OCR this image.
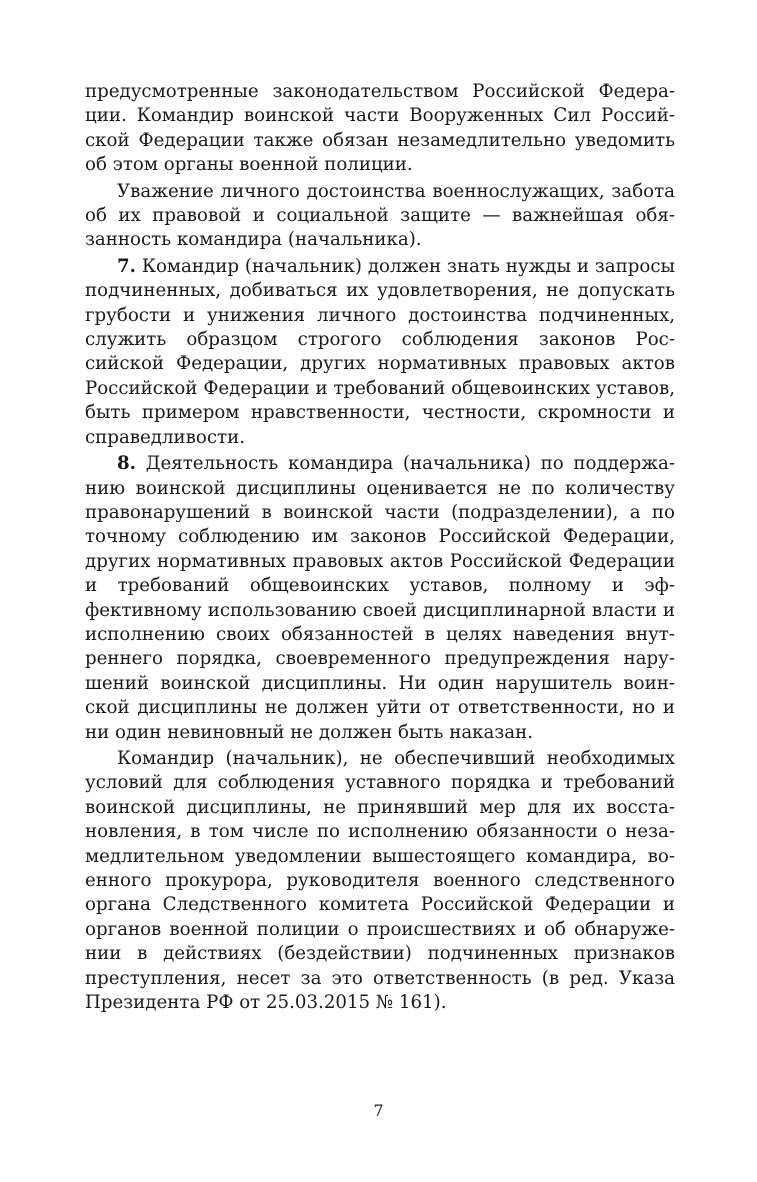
предусмотренные законодательством Российской Федерации. Командир воинской части Вооруженных Сил Российской Федерации также обязан незамедлительно уведомить об этом органы военной полиции.

Уважение личного достоинства военнослужащих, забота об их правовой и социальной защите — важнейшая обязанность командира (начальника).

7. Командир (начальник) должен знать нужды и запросы подчиненных, добиваться их удовлетворения, не допускать грубости и унижения личного достоинства подчиненных, служить образцом строгого соблюдения законов Российской Федерации, других нормативных правовых актов Российской Федерации и требований общевоинских уставов, быть примером нравственности, честности, скромности и справедливости.

8. Деятельность командира (начальника) по поддержанию воинской дисциплины оценивается не по количеству правонарушений в воинской части (подразделении), а по точному соблюдению им законов Российской Федерации, других нормативных правовых актов Российской Федерации и требований общевоинских уставов, полному и эффективному использованию своей дисциплинарной власти и исполнению своих обязанностей в целях наведения внутреннего порядка, своевременного предупреждения нарушений воинской дисциплины. Ни один нарушитель воинской дисциплины не должен уйти от ответственности, но и ни один невиновный не должен быть наказан.

Командир (начальник), не обеспечивший необходимых условий для соблюдения уставного порядка и требований воинской дисциплины, не принявший мер для их восстановления, в том числе по исполнению обязанности о незамедлительном уведомлении вышестоящего командира, военного прокурора, руководителя военного следственного органа Следственного комитета Российской Федерации и органов военной полиции о происшествиях и об обнаружении в действиях (бездействии) подчиненных признаков преступления, несет за это ответственность (в ред. Указа Президента РФ от 25.03.2015 № 161).

7
